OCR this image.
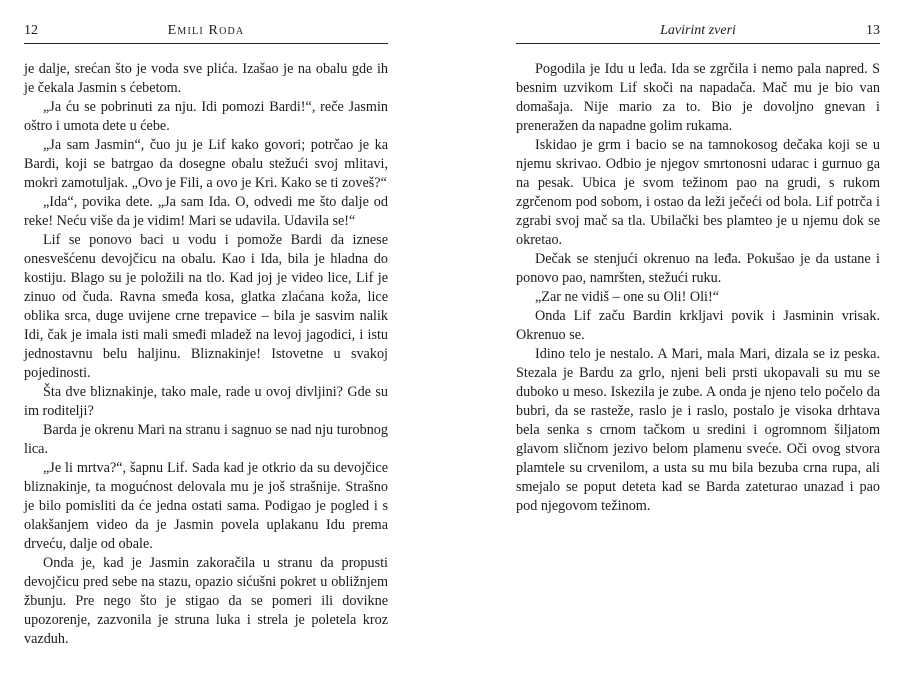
12	Emili Roda

je dalje, srećan što je voda sve plića. Izašao je na obalu gde ih je čekala Jasmin s ćebetom.

„Ja ću se pobrinuti za nju. Idi pomozi Bardi!“, reče Jasmin oštro i umota dete u ćebe.

„Ja sam Jasmin“, čuo ju je Lif kako govori; potrčao je ka Bardi, koji se batrgao da dosegne obalu stežući svoj mlitavi, mokri zamotuljak. „Ovo je Fili, a ovo je Kri. Kako se ti zoveš?“

„Ida“, povika dete. „Ja sam Ida. O, odvedi me što dalje od reke! Neću više da je vidim! Mari se udavila. Udavila se!“

Lif se ponovo baci u vodu i pomože Bardi da iznese onesvešćenu devojčicu na obalu. Kao i Ida, bila je hladna do kostiju. Blago su je položili na tlo. Kad joj je video lice, Lif je zinuo od čuda. Ravna smeđa kosa, glatka zlaćana koža, lice oblika srca, duge uvijene crne trepavice – bila je sasvim nalik Idi, čak je imala isti mali smeđi mladež na levoj jagodici, i istu jednostavnu belu haljinu. Bliznakinje! Istovetne u svakoj pojedinosti.

Šta dve bliznakinje, tako male, rade u ovoj divljini? Gde su im roditelji?

Barda je okrenu Mari na stranu i sagnuo se nad nju turobnog lica.

„Je li mrtva?“, šapnu Lif. Sada kad je otkrio da su devojčice bliznakinje, ta mogućnost delovala mu je još strašnije. Strašno je bilo pomisliti da će jedna ostati sama. Podigao je pogled i s olakšanjem video da je Jasmin povela uplakanu Idu prema drveću, dalje od obale.

Onda je, kad je Jasmin zakoračila u stranu da propusti devojčicu pred sebe na stazu, opazio sićušni pokret u obližnjem žbunju. Pre nego što je stigao da se pomeri ili dovikne upozorenje, zazvonila je struna luka i strela je poletela kroz vazduh.

Lavirint zveri	13

Pogodila je Idu u leđa. Ida se zgrčila i nemo pala napred. S besnim uzvikom Lif skoči na napadača. Mač mu je bio van domašaja. Nije mario za to. Bio je dovoljno gnevan i preneražen da napadne golim rukama.

Iskidao je grm i bacio se na tamnokosog dečaka koji se u njemu skrivao. Odbio je njegov smrtonosni udarac i gurnuo ga na pesak. Ubica je svom težinom pao na grudi, s rukom zgrčenom pod sobom, i ostao da leži ječeći od bola. Lif potrča i zgrabi svoj mač sa tla. Ubilački bes plamteo je u njemu dok se okretao.

Dečak se stenjući okrenuo na leđa. Pokušao je da ustane i ponovo pao, namršten, stežući ruku.

„Zar ne vidiš – one su Oli! Oli!“

Onda Lif začu Bardin krkljavi povik i Jasminin vrisak. Okrenuo se.

Idino telo je nestalo. A Mari, mala Mari, dizala se iz peska. Stezala je Bardu za grlo, njeni beli prsti ukopavali su mu se duboko u meso. Iskezila je zube. A onda je njeno telo počelo da bubri, da se rasteže, raslo je i raslo, postalo je visoka drhtava bela senka s crnom tačkom u sredini i ogromnom šiljatom glavom sličnom jezivo belom plamenu sveće. Oči ovog stvora plamtele su crvenilom, a usta su mu bila bezuba crna rupa, ali smejalo se poput deteta kad se Barda zateturao unazad i pao pod njegovom težinom.
